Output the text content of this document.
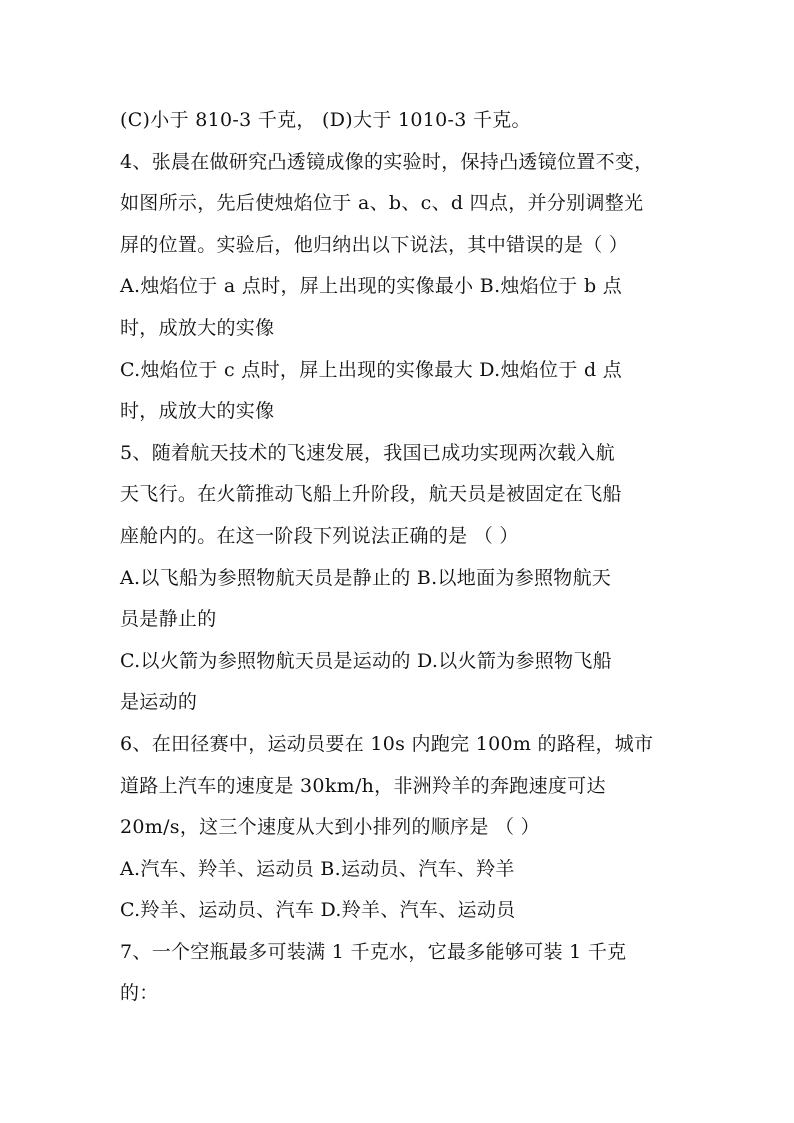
(C)小于 810-3 千克， (D)大于 1010-3 千克。
4、张晨在做研究凸透镜成像的实验时，保持凸透镜位置不变，
如图所示，先后使烛焰位于 a、b、c、d 四点，并分别调整光
屏的位置。实验后，他归纳出以下说法，其中错误的是（ ）
A.烛焰位于 a 点时，屏上出现的实像最小 B.烛焰位于 b 点
时，成放大的实像
C.烛焰位于 c 点时，屏上出现的实像最大 D.烛焰位于 d 点
时，成放大的实像
5、随着航天技术的飞速发展，我国已成功实现两次载入航
天飞行。在火箭推动飞船上升阶段，航天员是被固定在飞船
座舱内的。在这一阶段下列说法正确的是 （ ）
A.以飞船为参照物航天员是静止的 B.以地面为参照物航天
员是静止的
C.以火箭为参照物航天员是运动的 D.以火箭为参照物飞船
是运动的
6、在田径赛中，运动员要在 10s 内跑完 100m 的路程，城市
道路上汽车的速度是 30km/h，非洲羚羊的奔跑速度可达
20m/s，这三个速度从大到小排列的顺序是 （ ）
A.汽车、羚羊、运动员 B.运动员、汽车、羚羊
C.羚羊、运动员、汽车 D.羚羊、汽车、运动员
7、一个空瓶最多可装满 1 千克水，它最多能够可装 1 千克
的：
